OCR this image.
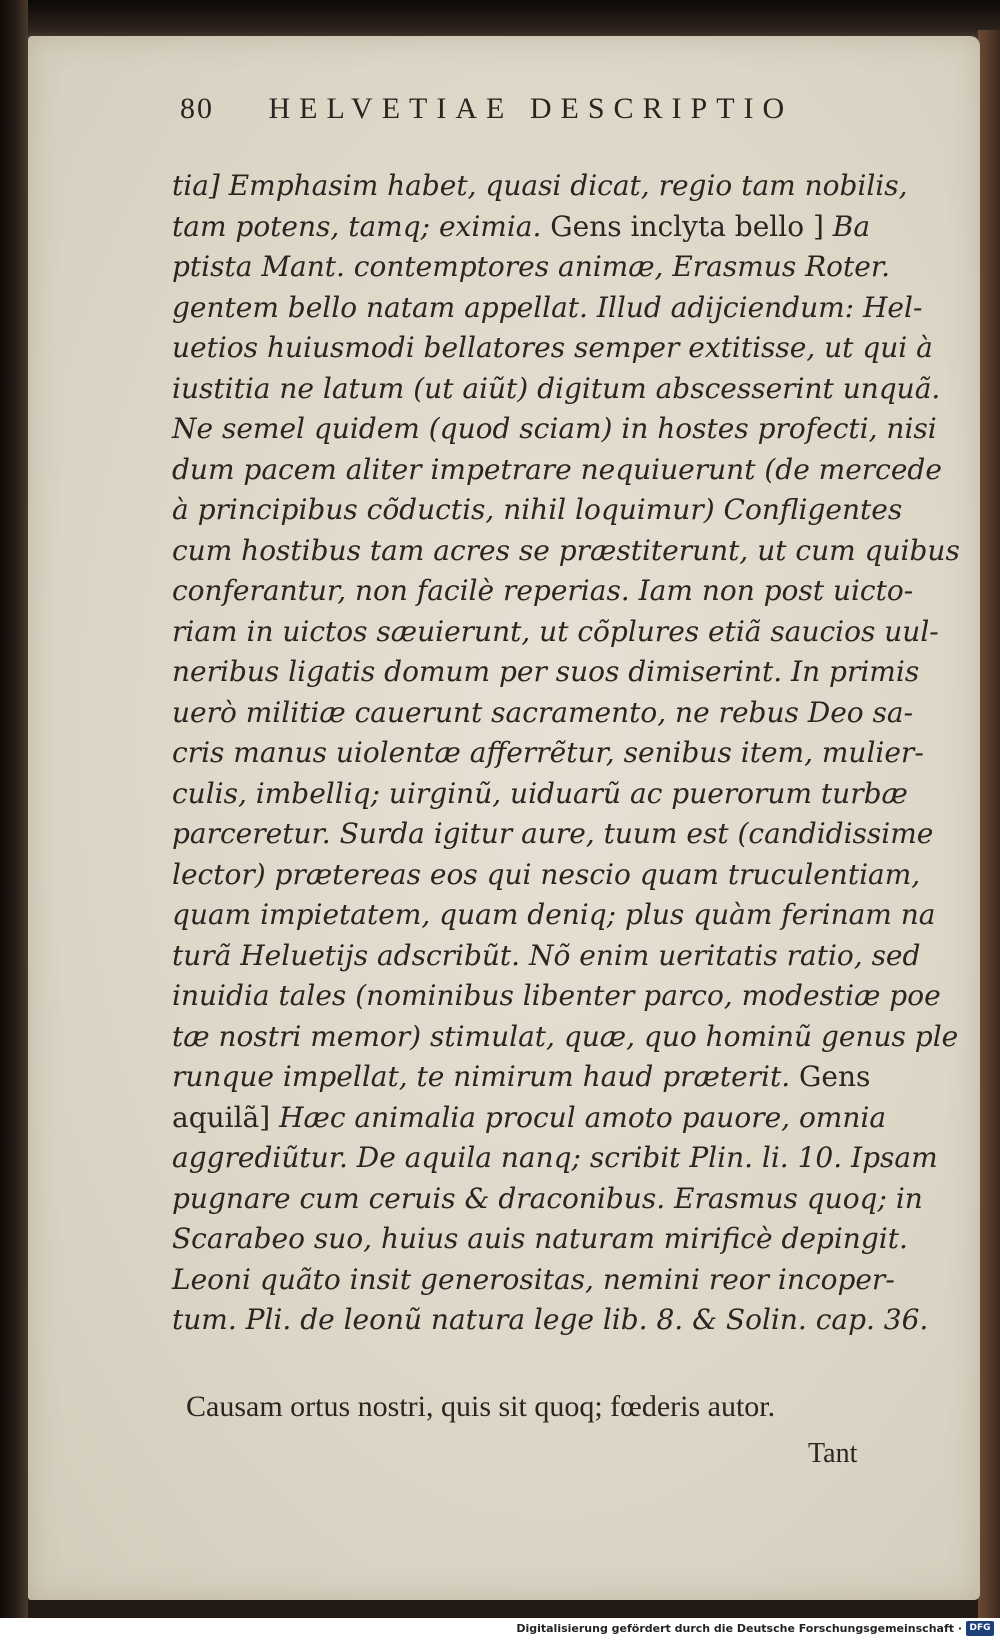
80 HELVETIAE DESCRIPTIO
tia] Emphasim habet, quasi dicat, regio tam nobilis,
tam potens, tamq; eximia. Gens inclyta bello ] Ba
ptista Mant. contemptores animæ, Erasmus Roter.
gentem bello natam appellat. Illud adijciendum: Hel-
uetios huiusmodi bellatores semper extitisse, ut qui à
iustitia ne latum (ut aiũt) digitum abscesserint unquã.
Ne semel quidem (quod sciam) in hostes profecti, nisi
dum pacem aliter impetrare nequiuerunt (de mercede
à principibus cõductis, nihil loquimur) Confligentes
cum hostibus tam acres se præstiterunt, ut cum quibus
conferantur, non facilè reperias. Iam non post uicto-
riam in uictos sæuierunt, ut cõplures etiã saucios uul-
neribus ligatis domum per suos dimiserint. In primis
uerò militiæ cauerunt sacramento, ne rebus Deo sa-
cris manus uiolentæ afferrẽtur, senibus item, mulier-
culis, imbelliq; uirginũ, uiduarũ ac puerorum turbæ
parceretur. Surda igitur aure, tuum est (candidissime
lector) prætereas eos qui nescio quam truculentiam,
quam impietatem, quam deniq; plus quàm ferinam na
turã Heluetijs adscribũt. Nõ enim ueritatis ratio, sed
inuidia tales (nominibus libenter parco, modestiæ poe
tæ nostri memor) stimulat, quæ, quo hominũ genus ple
runque impellat, te nimirum haud præterit. Gens
aquilã] Hæc animalia procul amoto pauore, omnia
aggrediũtur. De aquila nanq; scribit Plin. li. 10. Ipsam
pugnare cum ceruis & draconibus. Erasmus quoq; in
Scarabeo suo, huius auis naturam mirificè depingit.
Leoni quãto insit generositas, nemini reor incoper-
tum. Pli. de leonũ natura lege lib. 8. & Solin. cap. 36.
Causam ortus nostri, quis sit quoq; fœderis autor.
Tant
Digitalisierung gefördert durch die Deutsche Forschungsgemeinschaft · DFG
